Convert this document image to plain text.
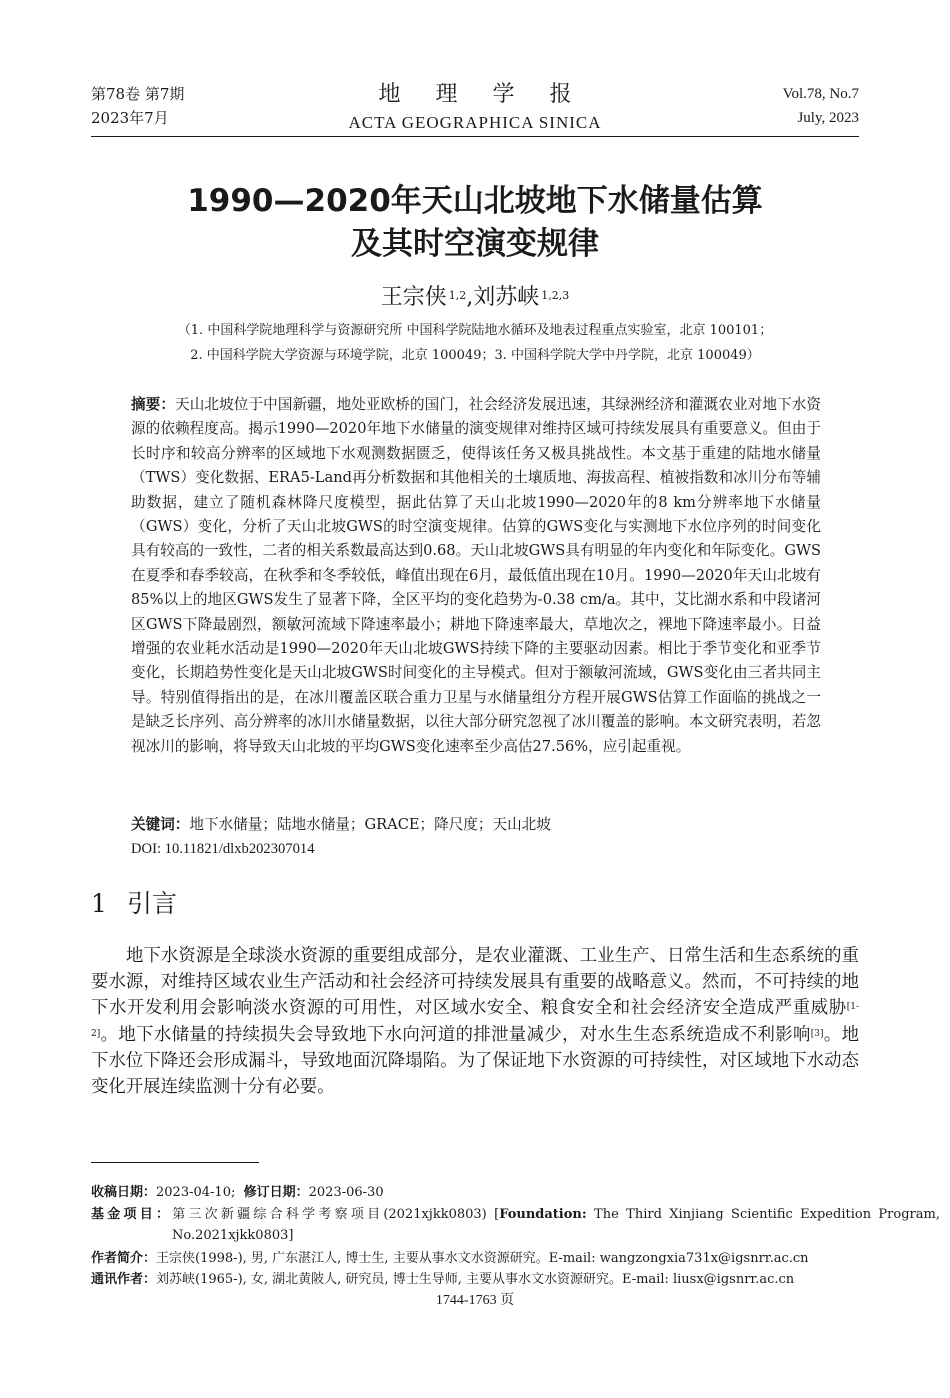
第78卷 第7期
2023年7月
地 理 学 报
ACTA GEOGRAPHICA SINICA
Vol.78, No.7
July, 2023
1990—2020年天山北坡地下水储量估算
及其时空演变规律
王宗侠 $^{1,2}$,刘苏峡 $^{1,2,3}$
（1. 中国科学院地理科学与资源研究所 中国科学院陆地水循环及地表过程重点实验室，北京 100101；
2. 中国科学院大学资源与环境学院，北京 100049；3. 中国科学院大学中丹学院，北京 100049）
摘要：天山北坡位于中国新疆，地处亚欧桥的国门，社会经济发展迅速，其绿洲经济和灌溉农业对地下水资源的依赖程度高。揭示1990—2020年地下水储量的演变规律对维持区域可持续发展具有重要意义。但由于长时序和较高分辨率的区域地下水观测数据匮乏，使得该任务又极具挑战性。本文基于重建的陆地水储量（TWS）变化数据、ERA5-Land再分析数据和其他相关的土壤质地、海拔高程、植被指数和冰川分布等辅助数据，建立了随机森林降尺度模型，据此估算了天山北坡1990—2020年的8 km分辨率地下水储量（GWS）变化，分析了天山北坡GWS的时空演变规律。估算的GWS变化与实测地下水位序列的时间变化具有较高的一致性，二者的相关系数最高达到0.68。天山北坡GWS具有明显的年内变化和年际变化。GWS在夏季和春季较高，在秋季和冬季较低，峰值出现在6月，最低值出现在10月。1990—2020年天山北坡有85%以上的地区GWS发生了显著下降，全区平均的变化趋势为-0.38 cm/a。其中，艾比湖水系和中段诸河区GWS下降最剧烈，额敏河流域下降速率最小；耕地下降速率最大，草地次之，裸地下降速率最小。日益增强的农业耗水活动是1990—2020年天山北坡GWS持续下降的主要驱动因素。相比于季节变化和亚季节变化，长期趋势性变化是天山北坡GWS时间变化的主导模式。但对于额敏河流域，GWS变化由三者共同主导。特别值得指出的是，在冰川覆盖区联合重力卫星与水储量组分方程开展GWS估算工作面临的挑战之一是缺乏长序列、高分辨率的冰川水储量数据，以往大部分研究忽视了冰川覆盖的影响。本文研究表明，若忽视冰川的影响，将导致天山北坡的平均GWS变化速率至少高估27.56%，应引起重视。
关键词：地下水储量；陆地水储量；GRACE；降尺度；天山北坡
DOI: 10.11821/dlxb202307014
1 引言
地下水资源是全球淡水资源的重要组成部分，是农业灌溉、工业生产、日常生活和生态系统的重要水源，对维持区域农业生产活动和社会经济可持续发展具有重要的战略意义。然而，不可持续的地下水开发利用会影响淡水资源的可用性，对区域水安全、粮食安全和社会经济安全造成严重威胁[1-2]。地下水储量的持续损失会导致地下水向河道的排泄量减少，对水生生态系统造成不利影响[3]。地下水位下降还会形成漏斗，导致地面沉降塌陷。为了保证地下水资源的可持续性，对区域地下水动态变化开展连续监测十分有必要。
收稿日期：2023-04-10; 修订日期：2023-06-30
基金项目：第三次新疆综合科学考察项目(2021xjkk0803) [Foundation: The Third Xinjiang Scientific Expedition Program, No.2021xjkk0803]
作者简介：王宗侠(1998-), 男, 广东湛江人, 博士生, 主要从事水文水资源研究。E-mail: wangzongxia731x@igsnrr.ac.cn
通讯作者：刘苏峡(1965-), 女, 湖北黄陂人, 研究员, 博士生导师, 主要从事水文水资源研究。E-mail: liusx@igsnrr.ac.cn
1744-1763 页
